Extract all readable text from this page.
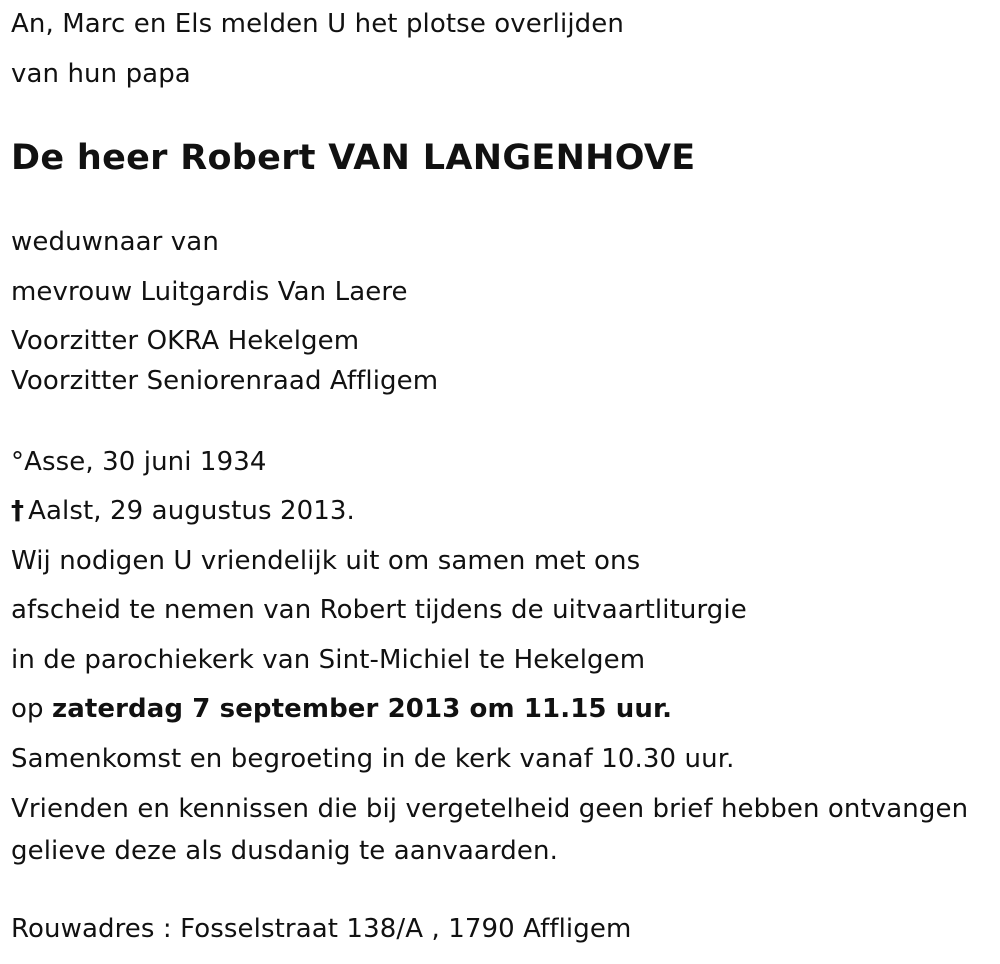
An, Marc en Els melden U het plotse overlijden
van hun papa
De heer Robert VAN LANGENHOVE
weduwnaar van
mevrouw Luitgardis Van Laere
Voorzitter OKRA Hekelgem
Voorzitter Seniorenraad Affligem
°Asse, 30 juni 1934
† Aalst, 29 augustus 2013.
Wij nodigen U vriendelijk uit om samen met ons
afscheid te nemen van Robert tijdens de uitvaartliturgie
in de parochiekerk van Sint-Michiel te Hekelgem
op zaterdag 7 september 2013 om 11.15 uur.
Samenkomst en begroeting in de kerk vanaf 10.30 uur.
Vrienden en kennissen die bij vergetelheid geen brief hebben ontvangen
gelieve deze als dusdanig te aanvaarden.
Rouwadres : Fosselstraat 138/A , 1790 Affligem
